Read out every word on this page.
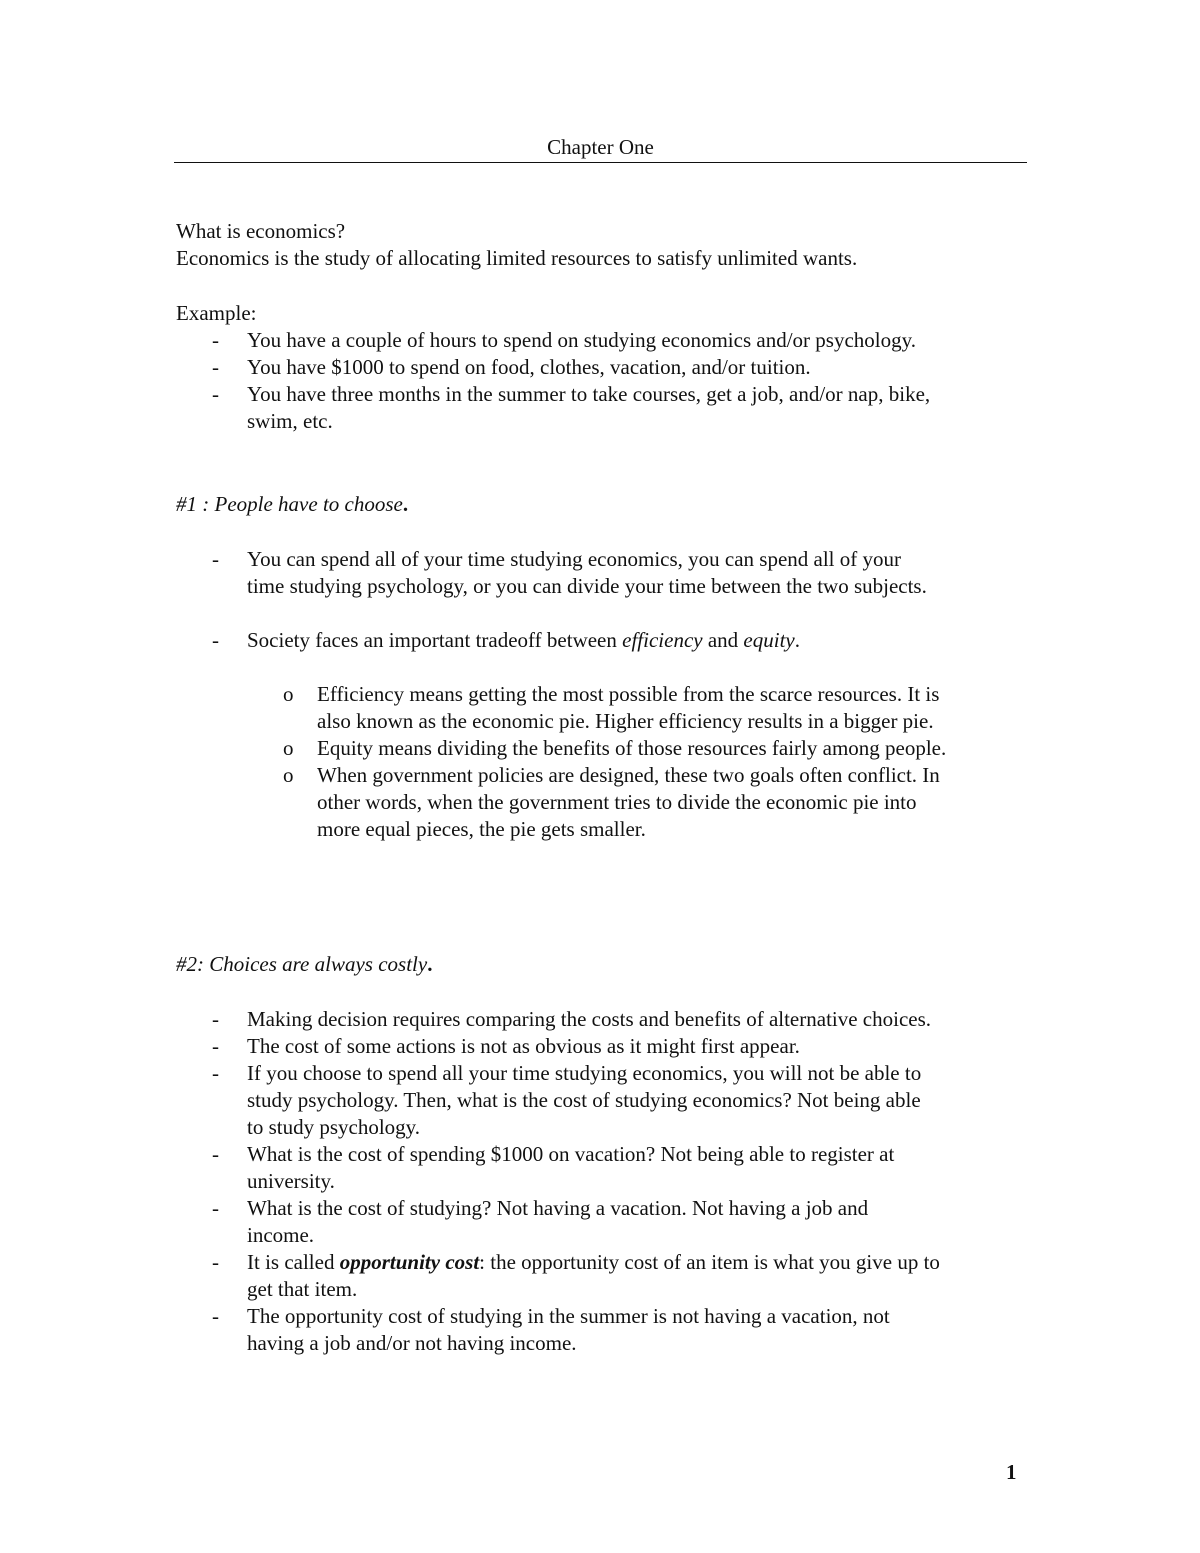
Chapter One
What is economics?
Economics is the study of allocating limited resources to satisfy unlimited wants.
Example:
- You have a couple of hours to spend on studying economics and/or psychology.
- You have $1000 to spend on food, clothes, vacation, and/or tuition.
- You have three months in the summer to take courses, get a job, and/or nap, bike,
swim, etc.
#1 : People have to choose.
- You can spend all of your time studying economics, you can spend all of your
time studying psychology, or you can divide your time between the two subjects.
- Society faces an important tradeoff between efficiency and equity.
o Efficiency means getting the most possible from the scarce resources. It is
also known as the economic pie. Higher efficiency results in a bigger pie.
o Equity means dividing the benefits of those resources fairly among people.
o When government policies are designed, these two goals often conflict. In
other words, when the government tries to divide the economic pie into
more equal pieces, the pie gets smaller.
#2: Choices are always costly.
- Making decision requires comparing the costs and benefits of alternative choices.
- The cost of some actions is not as obvious as it might first appear.
- If you choose to spend all your time studying economics, you will not be able to
study psychology. Then, what is the cost of studying economics? Not being able
to study psychology.
- What is the cost of spending $1000 on vacation? Not being able to register at
university.
- What is the cost of studying? Not having a vacation. Not having a job and
income.
- It is called opportunity cost: the opportunity cost of an item is what you give up to
get that item.
- The opportunity cost of studying in the summer is not having a vacation, not
having a job and/or not having income.
1
